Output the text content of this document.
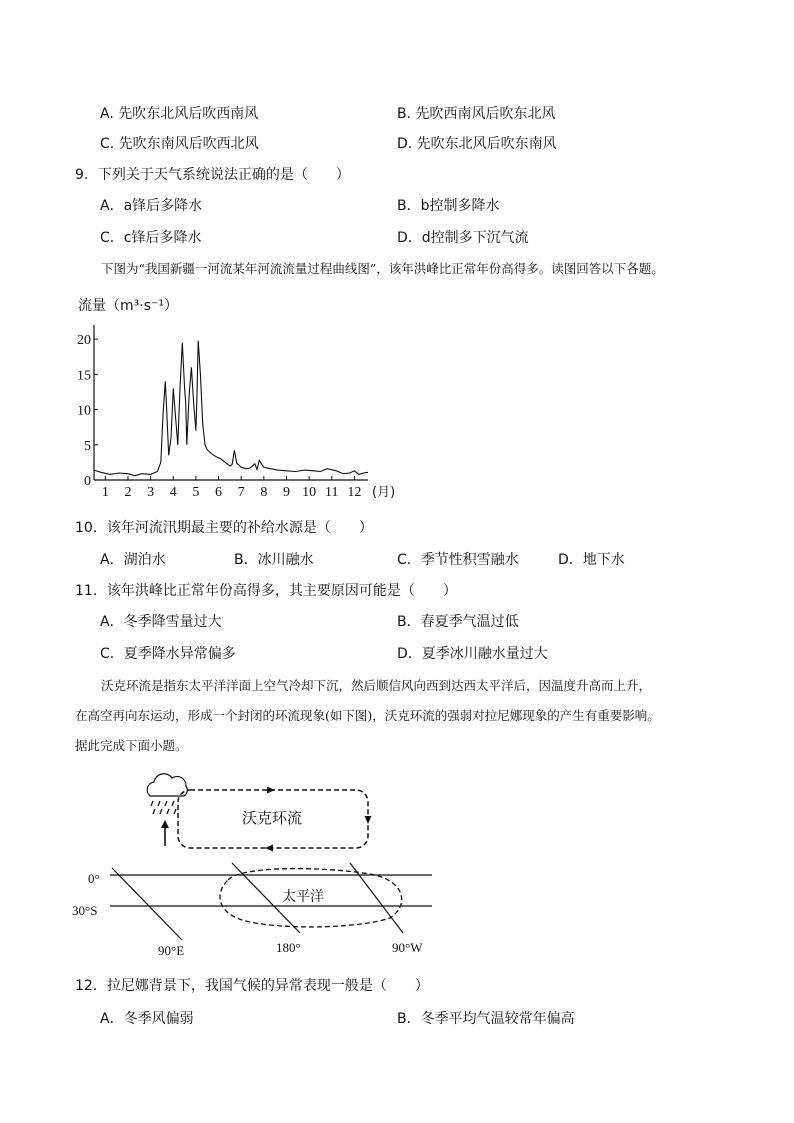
A. 先吹东北风后吹西南风	B. 先吹西南风后吹东北风
C. 先吹东南风后吹西北风	D. 先吹东北风后吹东南风
9．下列关于天气系统说法正确的是（　　）
A．a锋后多降水	B．b控制多降水
C．c锋后多降水	D．d控制多下沉气流
下图为“我国新疆一河流某年河流流量过程曲线图”，该年洪峰比正常年份高得多。读图回答以下各题。
流量（m³·s⁻¹）
0
5
10
15
20
1 2 3 4 5 6 7 8 9 10 11 12 (月)
10．该年河流汛期最主要的补给水源是（　　）
A．湖泊水	B．冰川融水	C．季节性积雪融水	D．地下水
11．该年洪峰比正常年份高得多，其主要原因可能是（　　）
A．冬季降雪量过大	B．春夏季气温过低
C．夏季降水异常偏多	D．夏季冰川融水量过大
沃克环流是指东太平洋洋面上空气冷却下沉，然后顺信风向西到达西太平洋后，因温度升高而上升，
在高空再向东运动，形成一个封闭的环流现象(如下图)，沃克环流的强弱对拉尼娜现象的产生有重要影响。
据此完成下面小题。
沃克环流
0°
30°S
太平洋
90°E	180°	90°W
12．拉尼娜背景下，我国气候的异常表现一般是（　　）
A．冬季风偏弱	B．冬季平均气温较常年偏高
